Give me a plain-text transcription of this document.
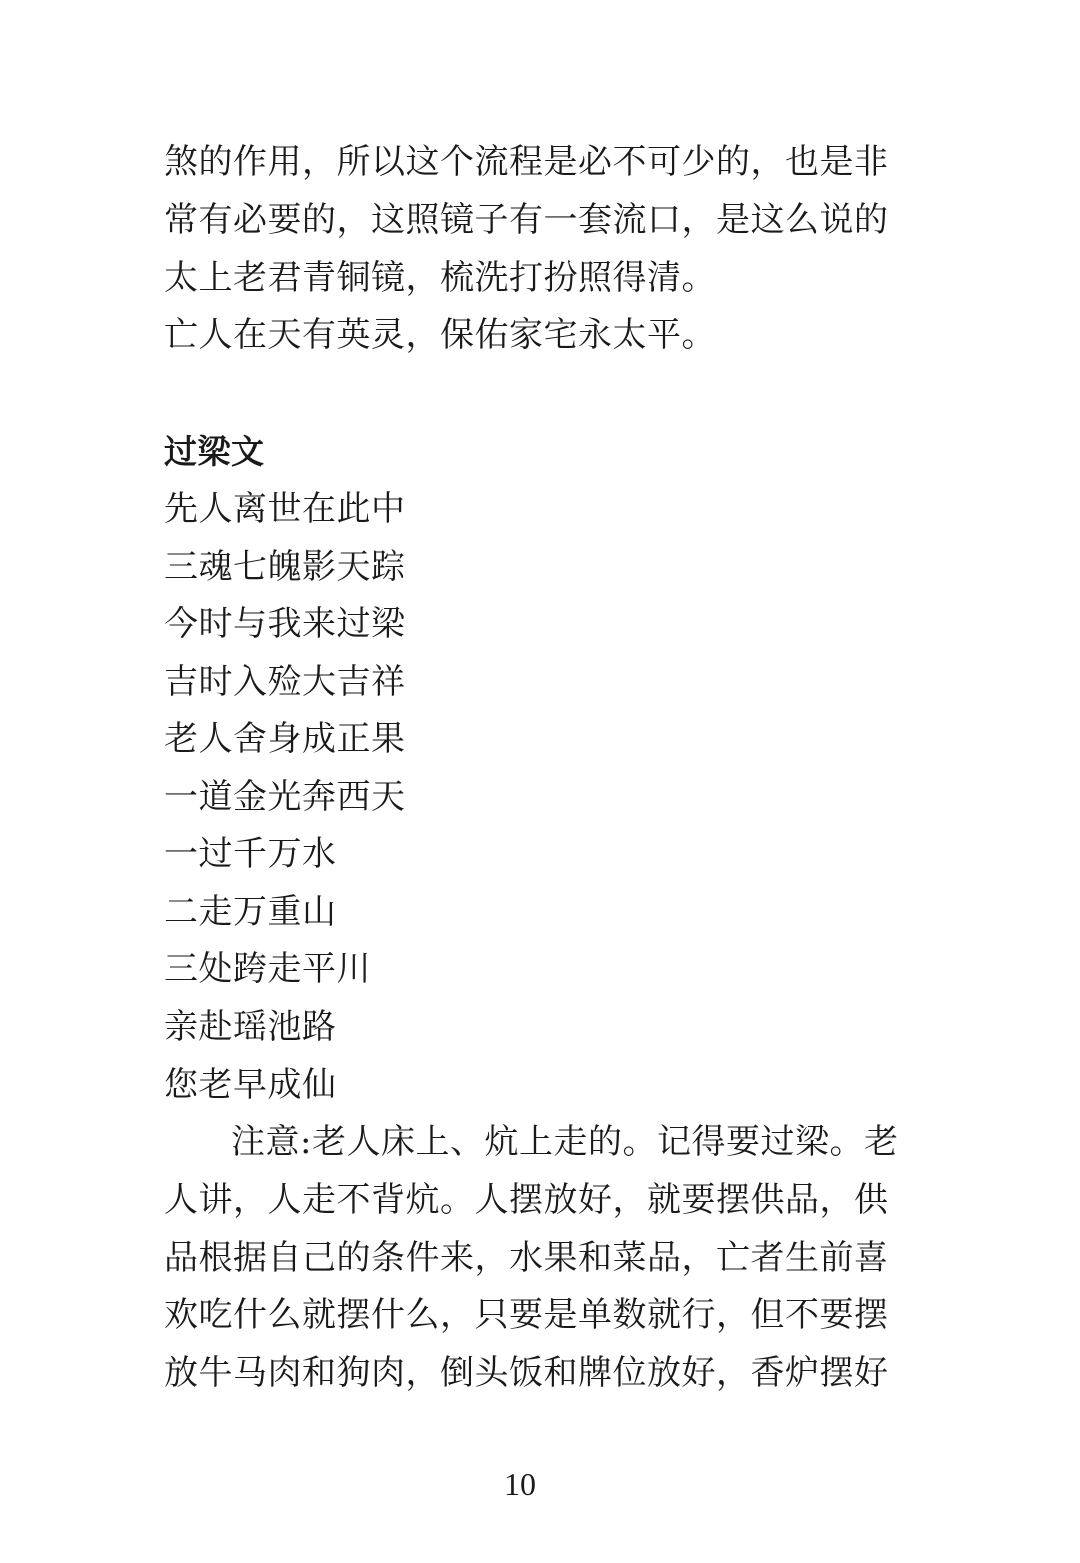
煞的作用，所以这个流程是必不可少的，也是非
常有必要的，这照镜子有一套流口，是这么说的
太上老君青铜镜，梳洗打扮照得清。
亡人在天有英灵，保佑家宅永太平。
过梁文
先人离世在此中
三魂七魄影天踪
今时与我来过梁
吉时入殓大吉祥
老人舍身成正果
一道金光奔西天
一过千万水
二走万重山
三处跨走平川
亲赴瑶池路
您老早成仙
注意:老人床上、炕上走的。记得要过梁。老
人讲，人走不背炕。人摆放好，就要摆供品，供
品根据自己的条件来，水果和菜品，亡者生前喜
欢吃什么就摆什么，只要是单数就行，但不要摆
放牛马肉和狗肉，倒头饭和牌位放好，香炉摆好
10
